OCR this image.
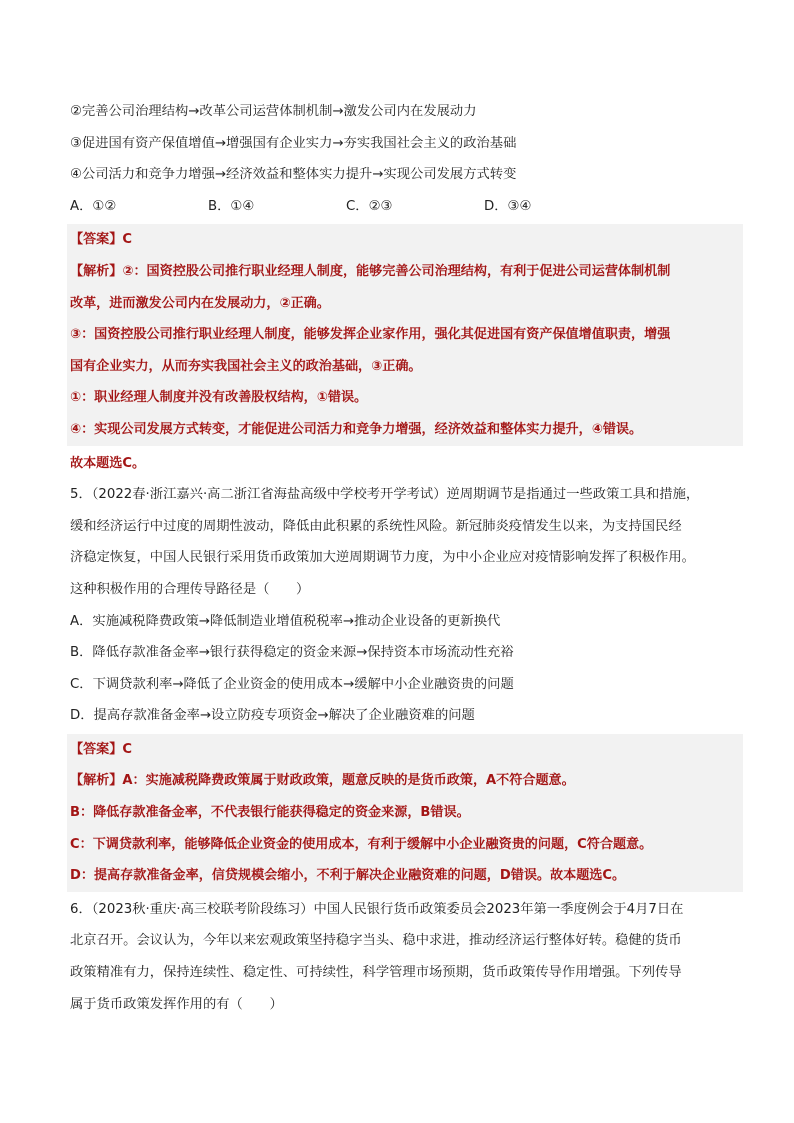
②完善公司治理结构→改革公司运营体制机制→激发公司内在发展动力
③促进国有资产保值增值→增强国有企业实力→夯实我国社会主义的政治基础
④公司活力和竞争力增强→经济效益和整体实力提升→实现公司发展方式转变
A．①②	B．①④	C．②③	D．③④
【答案】C
【解析】②：国资控股公司推行职业经理人制度，能够完善公司治理结构，有利于促进公司运营体制机制
改革，进而激发公司内在发展动力，②正确。
③：国资控股公司推行职业经理人制度，能够发挥企业家作用，强化其促进国有资产保值增值职责，增强
国有企业实力，从而夯实我国社会主义的政治基础，③正确。
①：职业经理人制度并没有改善股权结构，①错误。
④：实现公司发展方式转变，才能促进公司活力和竞争力增强，经济效益和整体实力提升，④错误。
故本题选C。
5．（2022春·浙江嘉兴·高二浙江省海盐高级中学校考开学考试）逆周期调节是指通过一些政策工具和措施，
缓和经济运行中过度的周期性波动，降低由此积累的系统性风险。新冠肺炎疫情发生以来，为支持国民经
济稳定恢复，中国人民银行采用货币政策加大逆周期调节力度，为中小企业应对疫情影响发挥了积极作用。
这种积极作用的合理传导路径是（　　）
A．实施减税降费政策→降低制造业增值税税率→推动企业设备的更新换代
B．降低存款准备金率→银行获得稳定的资金来源→保持资本市场流动性充裕
C．下调贷款利率→降低了企业资金的使用成本→缓解中小企业融资贵的问题
D．提高存款准备金率→设立防疫专项资金→解决了企业融资难的问题
【答案】C
【解析】A：实施减税降费政策属于财政政策，题意反映的是货币政策，A不符合题意。
B：降低存款准备金率，不代表银行能获得稳定的资金来源，B错误。
C：下调贷款利率，能够降低企业资金的使用成本，有利于缓解中小企业融资贵的问题，C符合题意。
D：提高存款准备金率，信贷规模会缩小，不利于解决企业融资难的问题，D错误。故本题选C。
6．（2023秋·重庆·高三校联考阶段练习）中国人民银行货币政策委员会2023年第一季度例会于4月7日在
北京召开。会议认为，今年以来宏观政策坚持稳字当头、稳中求进，推动经济运行整体好转。稳健的货币
政策精准有力，保持连续性、稳定性、可持续性，科学管理市场预期，货币政策传导作用增强。下列传导
属于货币政策发挥作用的有（　　）
